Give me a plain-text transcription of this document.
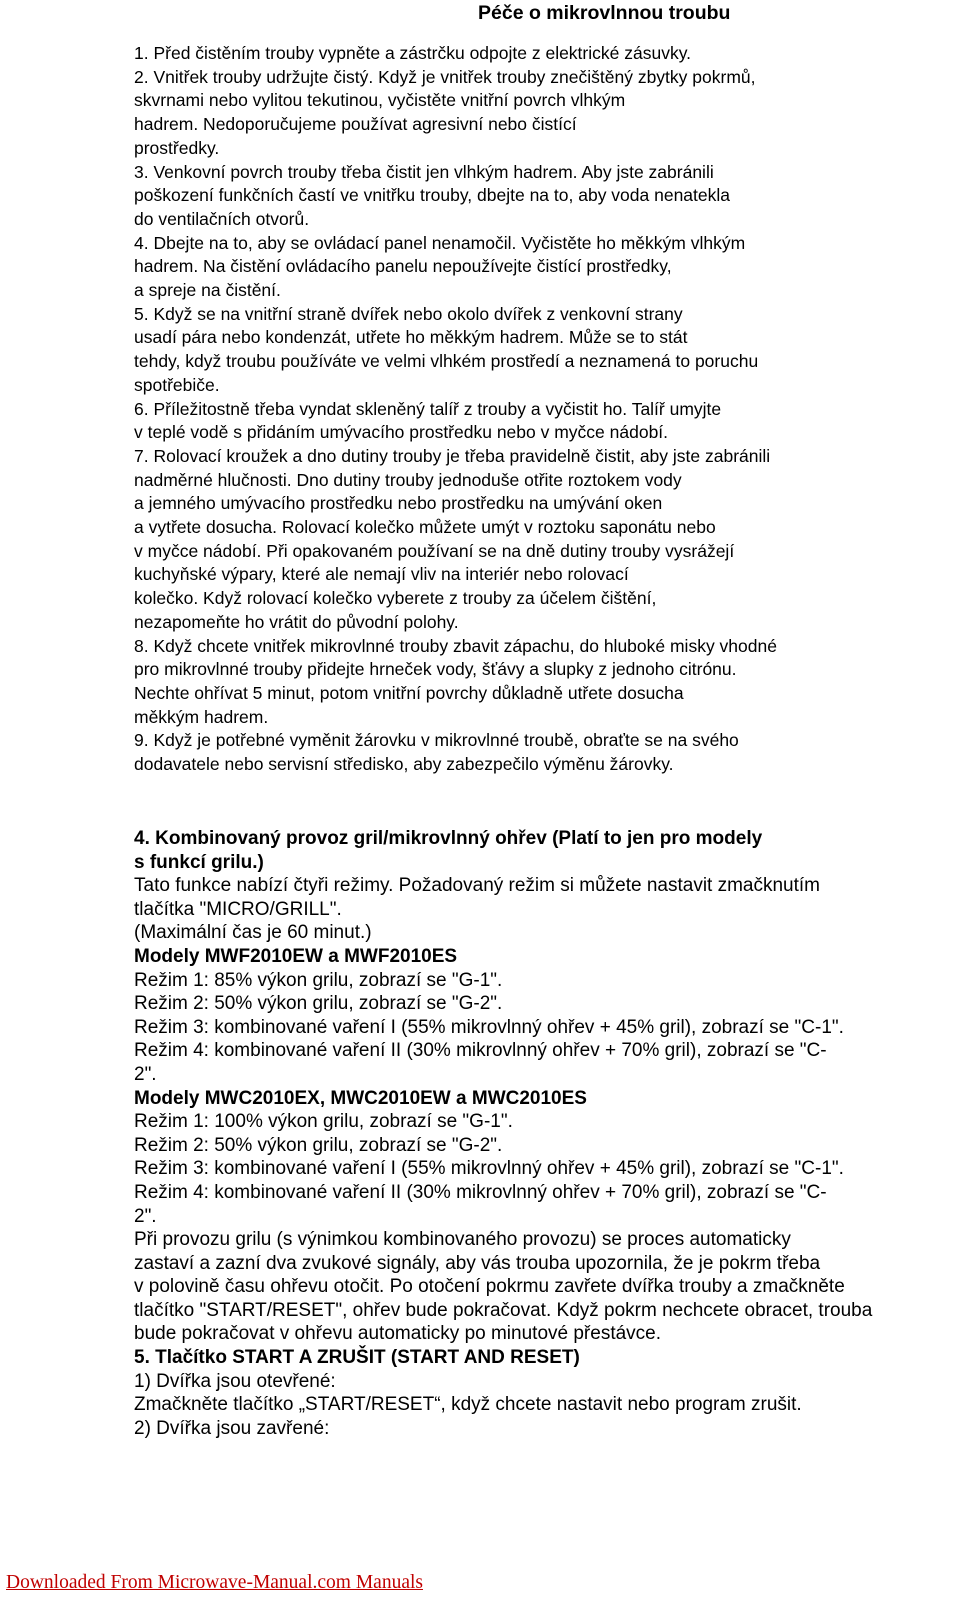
Péče o mikrovlnnou troubu
1. Před čistěním trouby vypněte a zástrčku odpojte z elektrické zásuvky.
2. Vnitřek trouby udržujte čistý. Když je vnitřek trouby znečištěný zbytky pokrmů,
skvrnami nebo vylitou tekutinou, vyčistěte vnitřní povrch vlhkým
hadrem. Nedoporučujeme používat agresivní nebo čistící
prostředky.
3. Venkovní povrch trouby třeba čistit jen vlhkým hadrem. Aby jste zabránili
poškození funkčních častí ve vnitřku trouby, dbejte na to, aby voda nenatekla
do ventilačních otvorů.
4. Dbejte na to, aby se ovládací panel nenamočil. Vyčistěte ho měkkým vlhkým
hadrem. Na čistění ovládacího panelu nepoužívejte čistící prostředky,
a spreje na čistění.
5. Když se na vnitřní straně dvířek nebo okolo dvířek z venkovní strany
usadí pára nebo kondenzát, utřete ho měkkým hadrem. Může se to stát
tehdy, když troubu používáte ve velmi vlhkém prostředí a neznamená to poruchu
spotřebiče.
6. Příležitostně třeba vyndat skleněný talíř z trouby a vyčistit ho. Talíř umyjte
v teplé vodě s přidáním umývacího prostředku nebo v myčce nádobí.
7. Rolovací kroužek a dno dutiny trouby je třeba pravidelně čistit, aby jste zabránili
nadměrné hlučnosti. Dno dutiny trouby jednoduše otřite roztokem vody
a jemného umývacího prostředku nebo prostředku na umývání oken
a vytřete dosucha. Rolovací kolečko můžete umýt v roztoku saponátu nebo
v myčce nádobí. Při opakovaném používaní se na dně dutiny trouby vysrážejí
kuchyňské výpary, které ale nemají vliv na interiér nebo rolovací
kolečko. Když rolovací kolečko vyberete z trouby za účelem čištění,
nezapomeňte ho vrátit do původní polohy.
8. Když chcete vnitřek mikrovlnné trouby zbavit zápachu, do hluboké misky vhodné
pro mikrovlnné trouby přidejte hrneček vody, šťávy a slupky z jednoho citrónu.
Nechte ohřívat 5 minut, potom vnitřní povrchy důkladně utřete dosucha
měkkým hadrem.
9. Když je potřebné vyměnit žárovku v mikrovlnné troubě, obraťte se na svého
dodavatele nebo servisní středisko, aby zabezpečilo výměnu žárovky.
4. Kombinovaný provoz gril/mikrovlnný ohřev (Platí to jen pro modely
s funkcí grilu.)
Tato funkce nabízí čtyři režimy. Požadovaný režim si můžete nastavit zmačknutím
tlačítka "MICRO/GRILL".
(Maximální čas je 60 minut.)
Modely MWF2010EW a MWF2010ES
Režim 1: 85% výkon grilu, zobrazí se "G-1".
Režim 2: 50% výkon grilu, zobrazí se "G-2".
Režim 3: kombinované vaření I (55% mikrovlnný ohřev + 45% gril), zobrazí se "C-1".
Režim 4: kombinované vaření II (30% mikrovlnný ohřev + 70% gril), zobrazí se "C-
2".
Modely MWC2010EX, MWC2010EW a MWC2010ES
Režim 1: 100% výkon grilu, zobrazí se "G-1".
Režim 2: 50% výkon grilu, zobrazí se "G-2".
Režim 3: kombinované vaření I (55% mikrovlnný ohřev + 45% gril), zobrazí se "C-1".
Režim 4: kombinované vaření II (30% mikrovlnný ohřev + 70% gril), zobrazí se "C-
2".
Při provozu grilu (s výnimkou kombinovaného provozu) se proces automaticky
zastaví a zazní dva zvukové signály, aby vás trouba upozornila, že je pokrm třeba
v polovině času ohřevu otočit. Po otočení pokrmu zavřete dvířka trouby a zmačkněte
tlačítko "START/RESET", ohřev bude pokračovat. Když pokrm nechcete obracet, trouba
bude pokračovat v ohřevu automaticky po minutové přestávce.
5. Tlačítko START A ZRUŠIT (START AND RESET)
1) Dvířka jsou otevřené:
Zmačkněte tlačítko „START/RESET“, když chcete nastavit nebo program zrušit.
2) Dvířka jsou zavřené:
Downloaded From Microwave-Manual.com Manuals
